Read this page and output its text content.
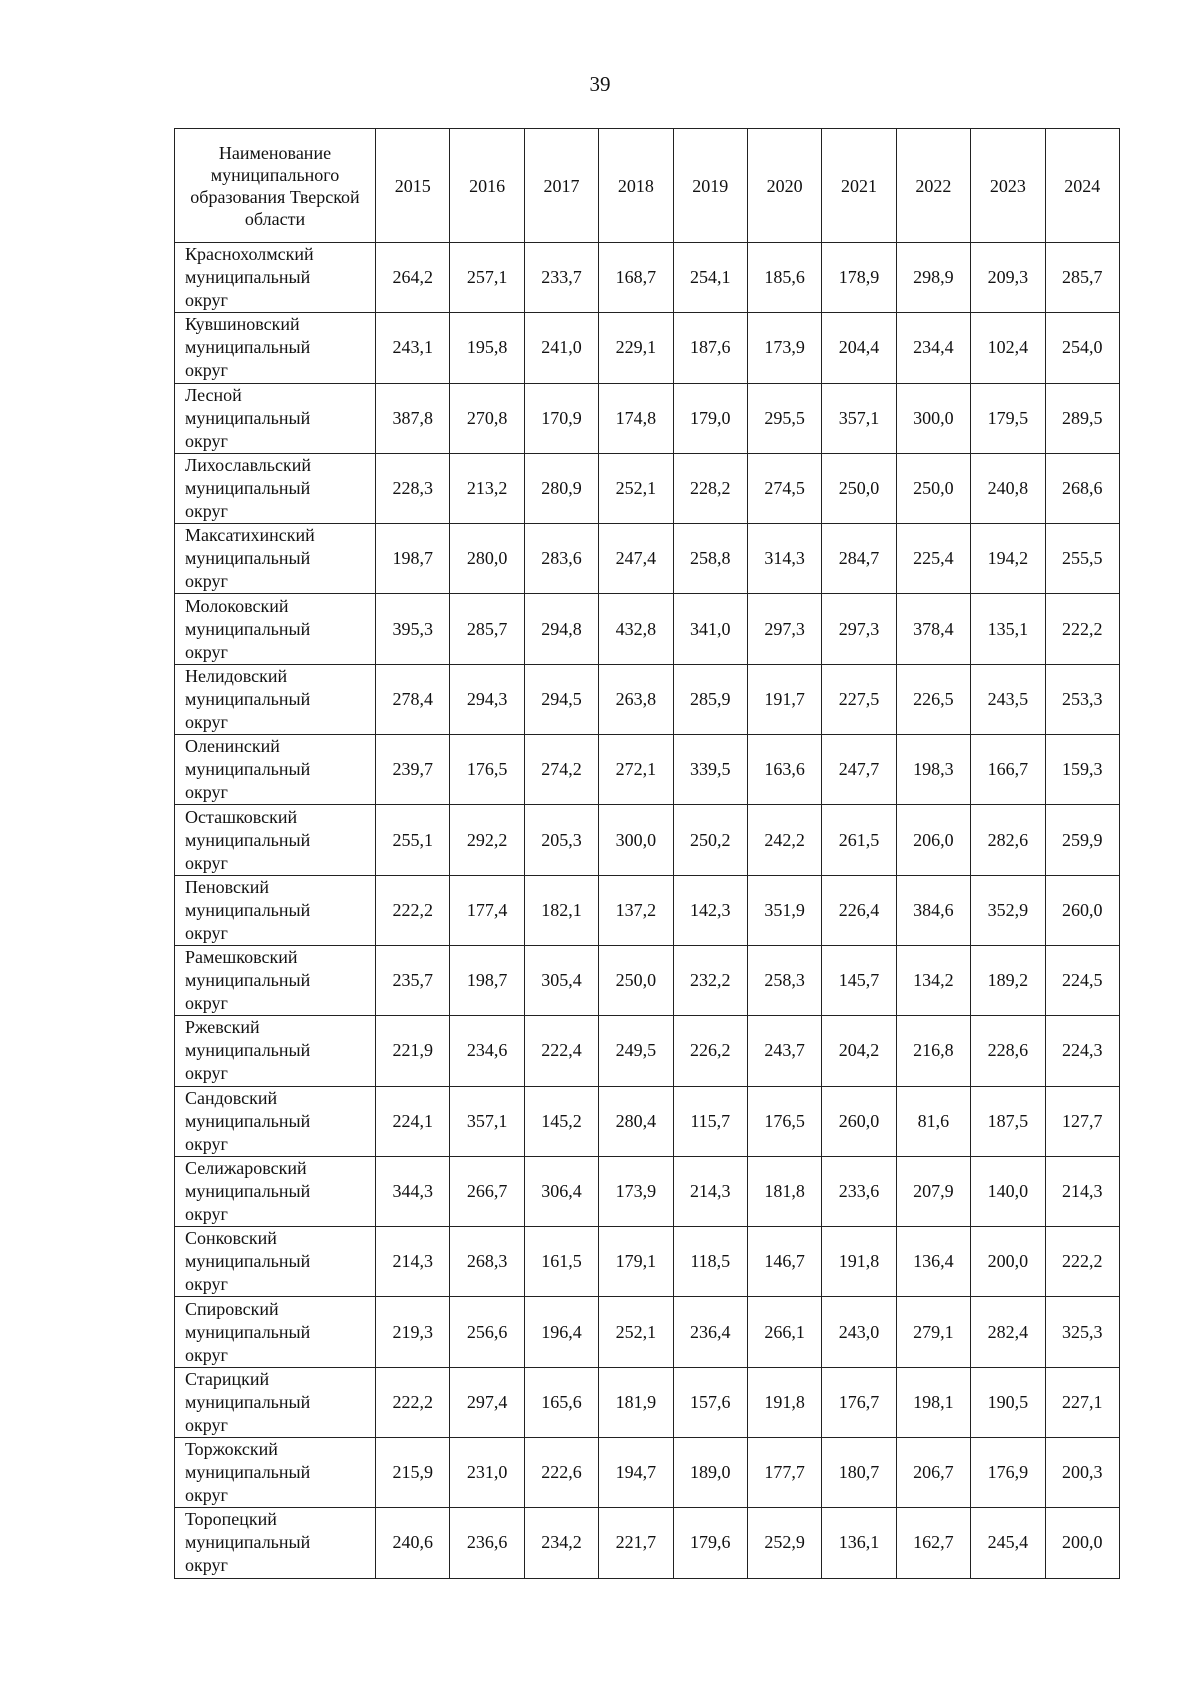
39
Наименование муниципального образования Тверской области	2015	2016	2017	2018	2019	2020	2021	2022	2023	2024
Краснохолмский
муниципальный
округ	264,2	257,1	233,7	168,7	254,1	185,6	178,9	298,9	209,3	285,7
Кувшиновский
муниципальный
округ	243,1	195,8	241,0	229,1	187,6	173,9	204,4	234,4	102,4	254,0
Лесной
муниципальный
округ	387,8	270,8	170,9	174,8	179,0	295,5	357,1	300,0	179,5	289,5
Лихославльский
муниципальный
округ	228,3	213,2	280,9	252,1	228,2	274,5	250,0	250,0	240,8	268,6
Максатихинский
муниципальный
округ	198,7	280,0	283,6	247,4	258,8	314,3	284,7	225,4	194,2	255,5
Молоковский
муниципальный
округ	395,3	285,7	294,8	432,8	341,0	297,3	297,3	378,4	135,1	222,2
Нелидовский
муниципальный
округ	278,4	294,3	294,5	263,8	285,9	191,7	227,5	226,5	243,5	253,3
Оленинский
муниципальный
округ	239,7	176,5	274,2	272,1	339,5	163,6	247,7	198,3	166,7	159,3
Осташковский
муниципальный
округ	255,1	292,2	205,3	300,0	250,2	242,2	261,5	206,0	282,6	259,9
Пеновский
муниципальный
округ	222,2	177,4	182,1	137,2	142,3	351,9	226,4	384,6	352,9	260,0
Рамешковский
муниципальный
округ	235,7	198,7	305,4	250,0	232,2	258,3	145,7	134,2	189,2	224,5
Ржевский
муниципальный
округ	221,9	234,6	222,4	249,5	226,2	243,7	204,2	216,8	228,6	224,3
Сандовский
муниципальный
округ	224,1	357,1	145,2	280,4	115,7	176,5	260,0	81,6	187,5	127,7
Селижаровский
муниципальный
округ	344,3	266,7	306,4	173,9	214,3	181,8	233,6	207,9	140,0	214,3
Сонковский
муниципальный
округ	214,3	268,3	161,5	179,1	118,5	146,7	191,8	136,4	200,0	222,2
Спировский
муниципальный
округ	219,3	256,6	196,4	252,1	236,4	266,1	243,0	279,1	282,4	325,3
Старицкий
муниципальный
округ	222,2	297,4	165,6	181,9	157,6	191,8	176,7	198,1	190,5	227,1
Торжокский
муниципальный
округ	215,9	231,0	222,6	194,7	189,0	177,7	180,7	206,7	176,9	200,3
Торопецкий
муниципальный
округ	240,6	236,6	234,2	221,7	179,6	252,9	136,1	162,7	245,4	200,0
